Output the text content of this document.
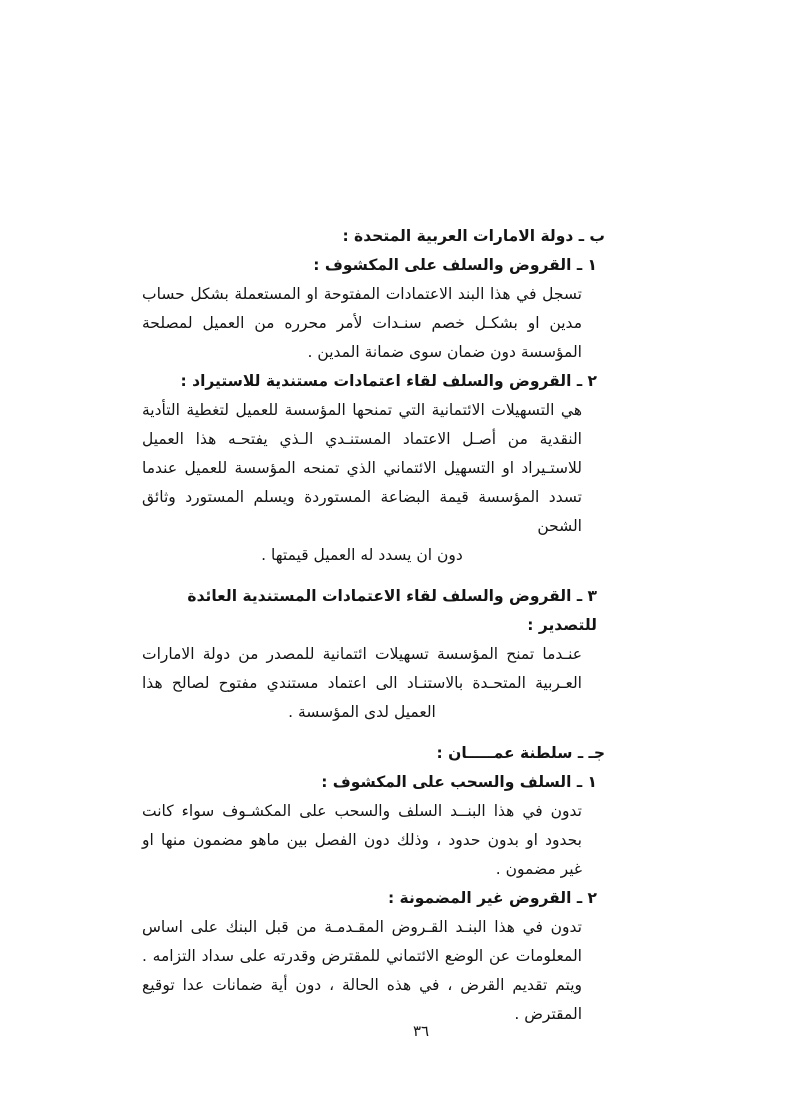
ب ـ دولة الامارات العربية المتحدة :
١ ـ القروض والسلف على المكشوف :
تسجل في هذا البند الاعتمادات المفتوحة او المستعملة بشكل حساب
مدين او بشكـل خصم سنـدات لأمر محرره من العميل لمصلحة
المؤسسة دون ضمان سوى ضمانة المدين .
٢ ـ القروض والسلف لقاء اعتمادات مستندية للاستيراد :
هي التسهيلات الائتمانية التي تمنحها المؤسسة للعميل لتغطية التأدية
النقدية من أصـل الاعتماد المستنـدي الـذي يفتحـه هذا العميل
للاستـيراد او التسهيل الائتماني الذي تمنحه المؤسسة للعميل عندما
تسدد المؤسسة قيمة البضاعة المستوردة ويسلم المستورد وثائق الشحن
دون ان يسدد له العميل قيمتها .
٣ ـ القروض والسلف لقاء الاعتمادات المستندية العائدة للتصدير :
عنـدما تمنح المؤسسة تسهيلات ائتمانية للمصدر من دولة الامارات
العـربية المتحـدة بالاستنـاد الى اعتماد مستندي مفتوح لصالح هذا
العميل لدى المؤسسة .
جـ ـ سلطنة عمـــــان :
١ ـ السلف والسحب على المكشوف :
تدون في هذا البنــد السلف والسحب على المكشـوف سواء كانت
بحدود او بدون حدود ، وذلك دون الفصل بين ماهو مضمون منها او
غير مضمون .
٢ ـ القروض غير المضمونة :
تدون في هذا البنـد القـروض المقـدمـة من قبل البنك على اساس
المعلومات عن الوضع الائتماني للمقترض وقدرته على سداد التزامه .
ويتم تقديم القرض ، في هذه الحالة ، دون أية ضمانات عدا توقيع
المقترض .
٣٦
